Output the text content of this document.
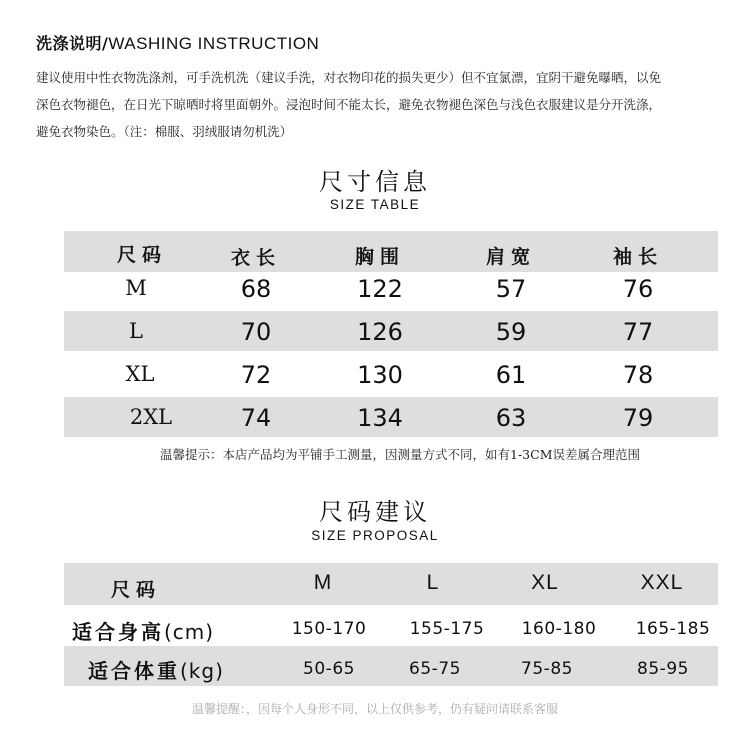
洗涤说明/WASHING INSTRUCTION
建议使用中性衣物洗涤剂，可手洗机洗（建议手洗，对衣物印花的损失更少）但不宜氯漂，宜阴干避免曝晒，以免
深色衣物褪色，在日光下晾晒时将里面朝外。浸泡时间不能太长，避免衣物褪色深色与浅色衣服建议是分开洗涤，
避免衣物染色。（注：棉服、羽绒服请勿机洗）
尺寸信息
SIZE TABLE
尺码	衣长	胸围	肩宽	袖长
M	68	122	57	76
L	70	126	59	77
XL	72	130	61	78
2XL	74	134	63	79
温馨提示：本店产品均为平铺手工测量，因测量方式不同，如有1-3CM误差属合理范围
尺码建议
SIZE PROPOSAL
尺码	M	L	XL	XXL
适合身高(cm)	150-170	155-175	160-180	165-185
适合体重(kg)	50-65	65-75	75-85	85-95
温馨提醒：，因每个人身形不同，以上仅供参考，仍有疑问请联系客服
